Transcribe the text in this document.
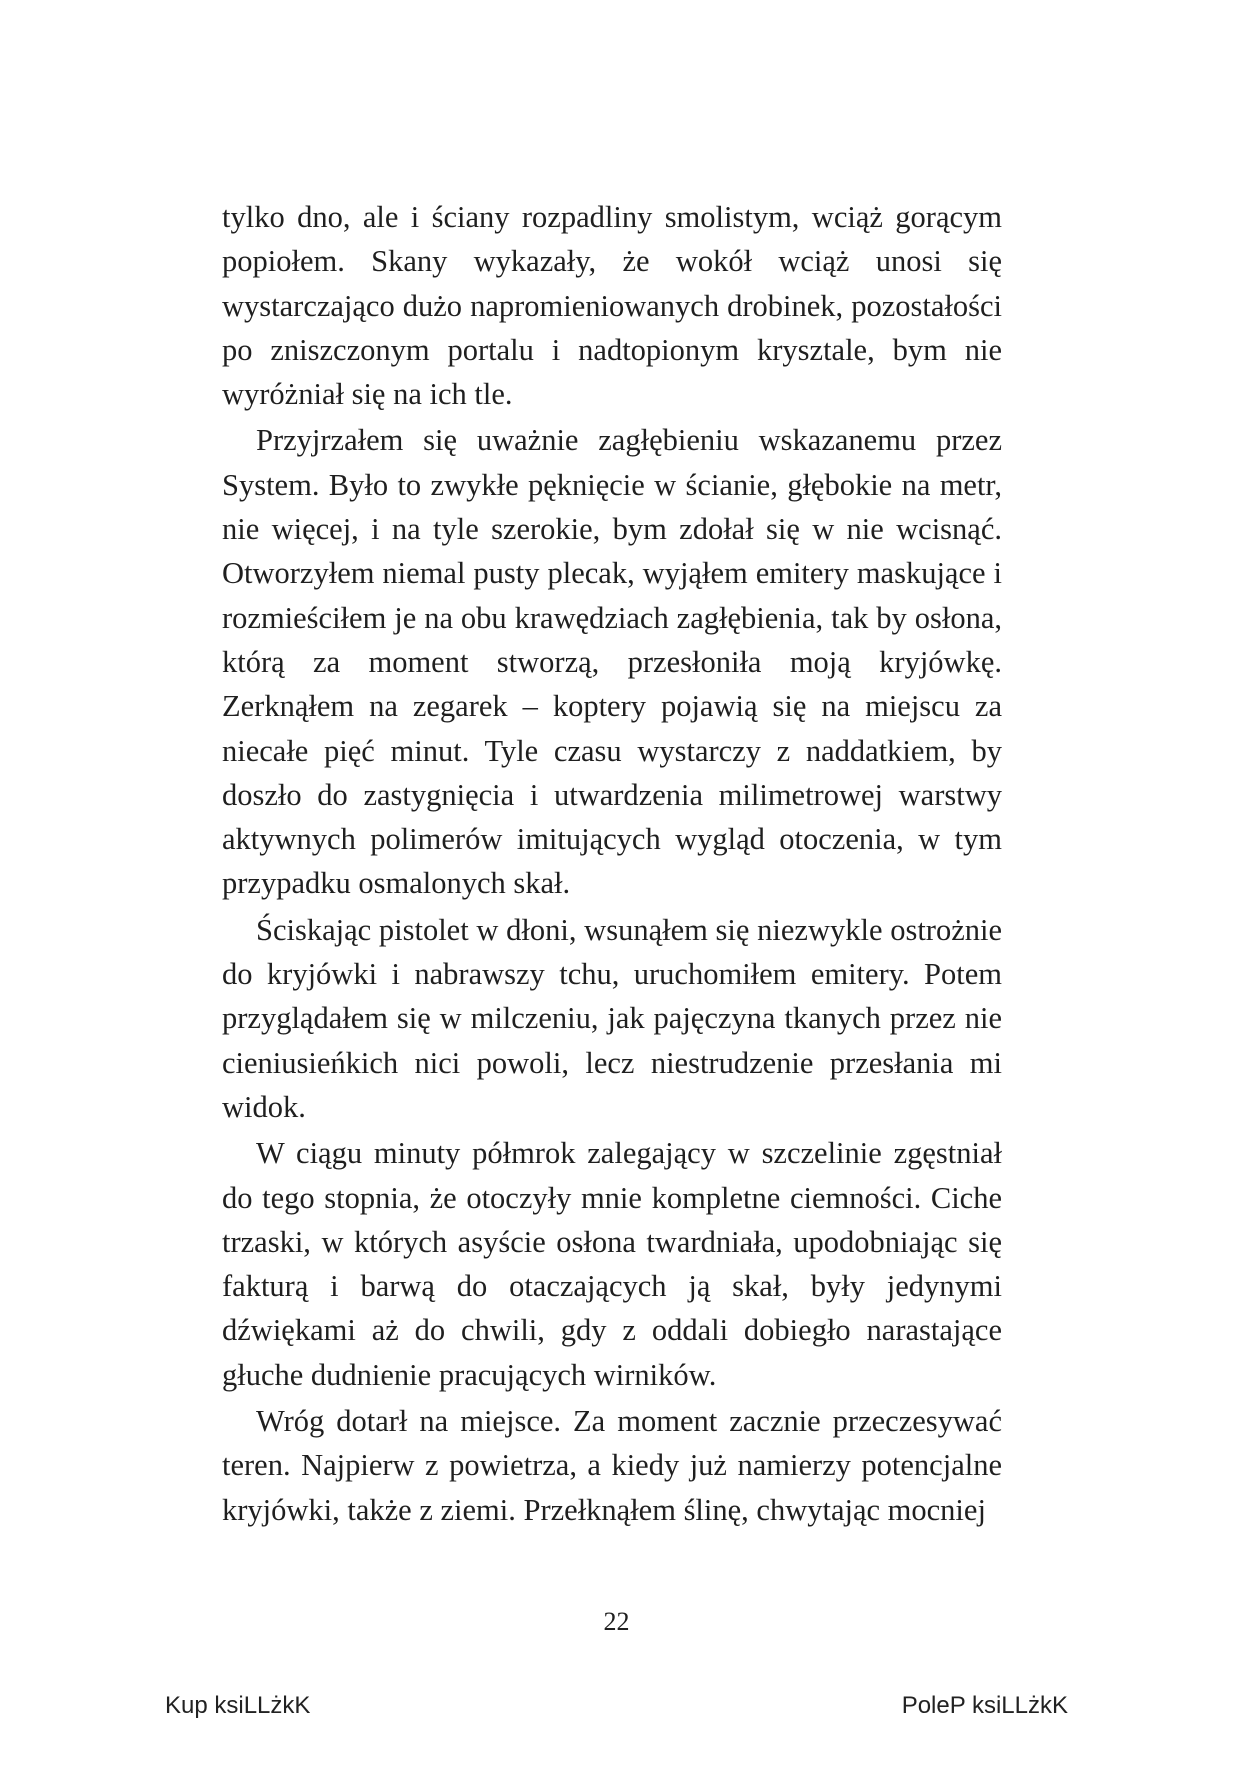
tylko dno, ale i ściany rozpadliny smolistym, wciąż gorącym popiołem. Skany wykazały, że wokół wciąż unosi się wystarczająco dużo napromieniowanych drobinek, pozostałości po zniszczonym portalu i nadtopionym krysztale, bym nie wyróżniał się na ich tle.

Przyjrzałem się uważnie zagłębieniu wskazanemu przez System. Było to zwykłe pęknięcie w ścianie, głębokie na metr, nie więcej, i na tyle szerokie, bym zdołał się w nie wcisnąć. Otworzyłem niemal pusty plecak, wyjąłem emitery maskujące i rozmieściłem je na obu krawędziach zagłębienia, tak by osłona, którą za moment stworzą, przesłoniła moją kryjówkę. Zerknąłem na zegarek – koptery pojawią się na miejscu za niecałe pięć minut. Tyle czasu wystarczy z naddatkiem, by doszło do zastygnięcia i utwardzenia milimetrowej warstwy aktywnych polimerów imitujących wygląd otoczenia, w tym przypadku osmalonych skał.

Ściskając pistolet w dłoni, wsunąłem się niezwykle ostrożnie do kryjówki i nabrawszy tchu, uruchomiłem emitery. Potem przyglądałem się w milczeniu, jak pajęczyna tkanych przez nie cieniusieńkich nici powoli, lecz niestrudzenie przesłania mi widok.

W ciągu minuty półmrok zalegający w szczelinie zgęstniał do tego stopnia, że otoczyły mnie kompletne ciemności. Ciche trzaski, w których asyście osłona twardniała, upodobniając się fakturą i barwą do otaczających ją skał, były jedynymi dźwiękami aż do chwili, gdy z oddali dobiegło narastające głuche dudnienie pracujących wirników.

Wróg dotarł na miejsce. Za moment zacznie przeczesywać teren. Najpierw z powietrza, a kiedy już namierzy potencjalne kryjówki, także z ziemi. Przełknąłem ślinę, chwytając mocniej

22
Kup ksiLLżkK	PoleP ksiLLżkK
